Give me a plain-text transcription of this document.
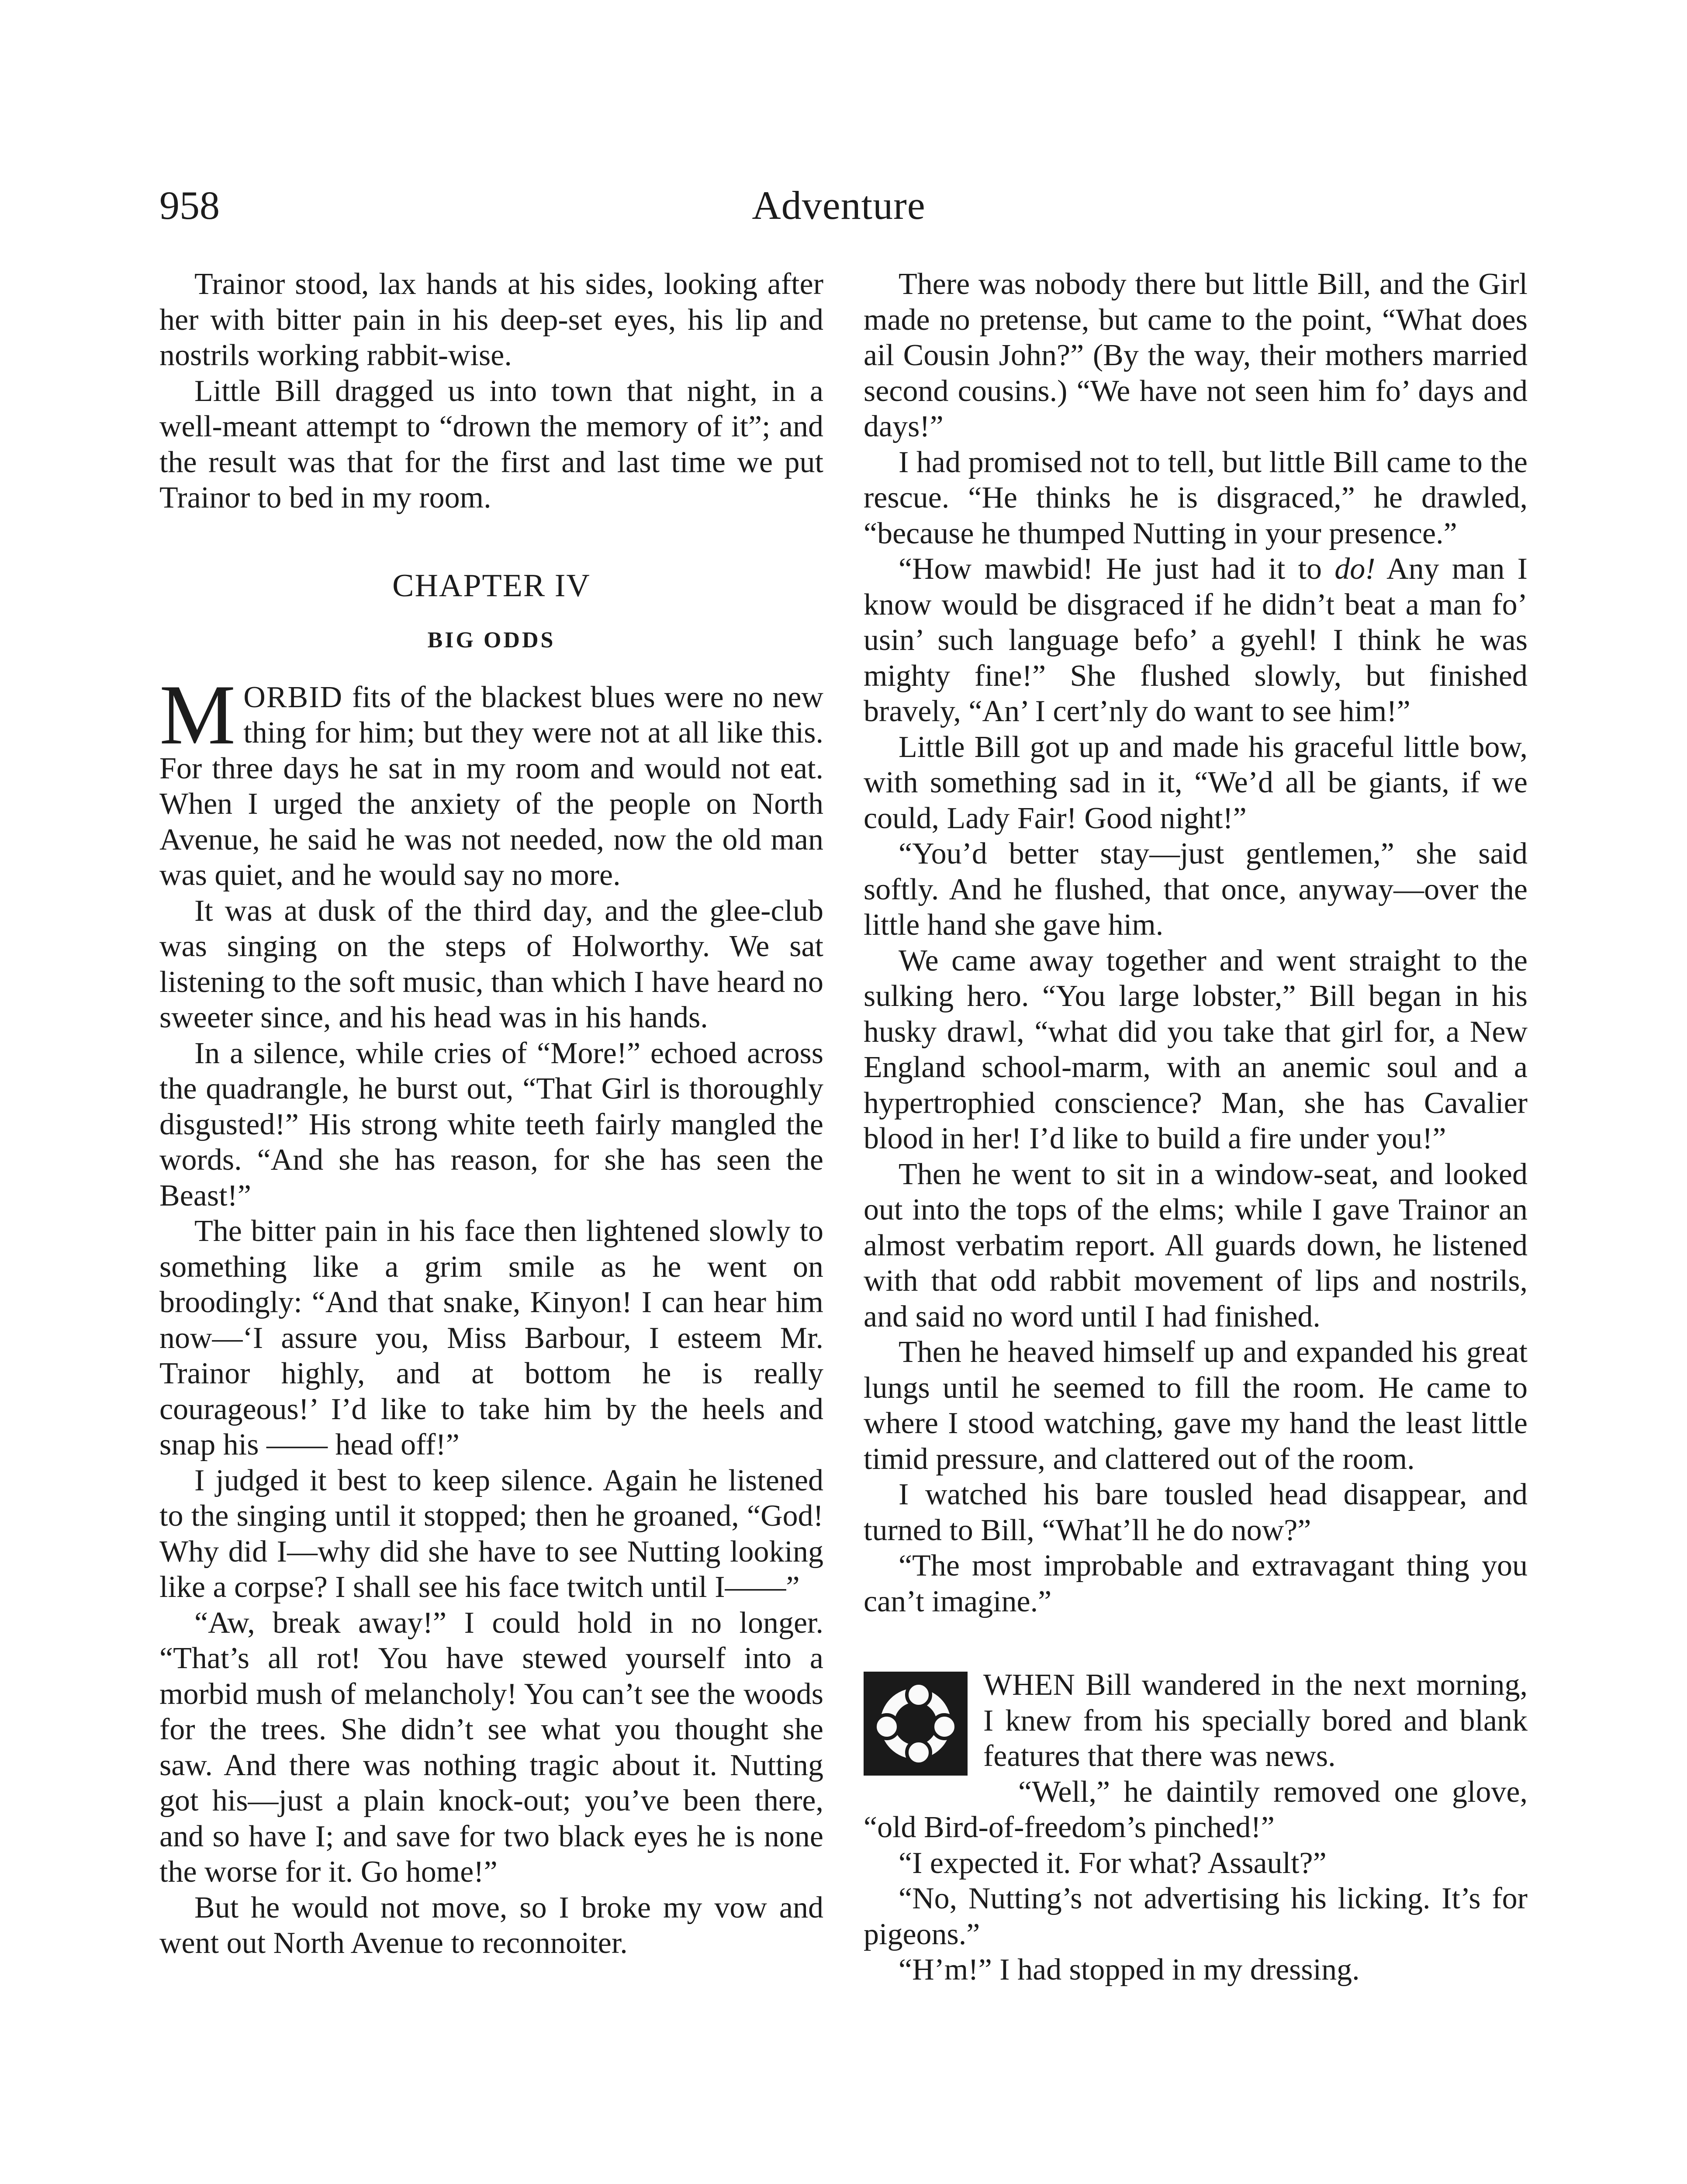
958	Adventure

Trainor stood, lax hands at his sides, looking after her with bitter pain in his deep-set eyes, his lip and nostrils working rabbit-wise.

Little Bill dragged us into town that night, in a well-meant attempt to “drown the memory of it”; and the result was that for the first and last time we put Trainor to bed in my room.

CHAPTER IV
BIG ODDS

MORBID fits of the blackest blues were no new thing for him; but they were not at all like this. For three days he sat in my room and would not eat. When I urged the anxiety of the people on North Avenue, he said he was not needed, now the old man was quiet, and he would say no more.

It was at dusk of the third day, and the glee-club was singing on the steps of Holworthy. We sat listening to the soft music, than which I have heard no sweeter since, and his head was in his hands.

In a silence, while cries of “More!” echoed across the quadrangle, he burst out, “That Girl is thoroughly disgusted!” His strong white teeth fairly mangled the words. “And she has reason, for she has seen the Beast!”

The bitter pain in his face then lightened slowly to something like a grim smile as he went on broodingly: “And that snake, Kinyon! I can hear him now—‘I assure you, Miss Barbour, I esteem Mr. Trainor highly, and at bottom he is really courageous!’ I’d like to take him by the heels and snap his —— head off!”

I judged it best to keep silence. Again he listened to the singing until it stopped; then he groaned, “God! Why did I—why did she have to see Nutting looking like a corpse? I shall see his face twitch until I——”

“Aw, break away!” I could hold in no longer. “That’s all rot! You have stewed yourself into a morbid mush of melancholy! You can’t see the woods for the trees. She didn’t see what you thought she saw. And there was nothing tragic about it. Nutting got his—just a plain knock-out; you’ve been there, and so have I; and save for two black eyes he is none the worse for it. Go home!”

But he would not move, so I broke my vow and went out North Avenue to reconnoiter.

There was nobody there but little Bill, and the Girl made no pretense, but came to the point, “What does ail Cousin John?” (By the way, their mothers married second cousins.) “We have not seen him fo’ days and days!”

I had promised not to tell, but little Bill came to the rescue. “He thinks he is disgraced,” he drawled, “because he thumped Nutting in your presence.”

“How mawbid! He just had it to do! Any man I know would be disgraced if he didn’t beat a man fo’ usin’ such language befo’ a gyehl! I think he was mighty fine!” She flushed slowly, but finished bravely, “An’ I cert’nly do want to see him!”

Little Bill got up and made his graceful little bow, with something sad in it, “We’d all be giants, if we could, Lady Fair! Good night!”

“You’d better stay—just gentlemen,” she said softly. And he flushed, that once, anyway—over the little hand she gave him.

We came away together and went straight to the sulking hero. “You large lobster,” Bill began in his husky drawl, “what did you take that girl for, a New England school-marm, with an anemic soul and a hypertrophied conscience? Man, she has Cavalier blood in her! I’d like to build a fire under you!”

Then he went to sit in a window-seat, and looked out into the tops of the elms; while I gave Trainor an almost verbatim report. All guards down, he listened with that odd rabbit movement of lips and nostrils, and said no word until I had finished.

Then he heaved himself up and expanded his great lungs until he seemed to fill the room. He came to where I stood watching, gave my hand the least little timid pressure, and clattered out of the room.

I watched his bare tousled head disappear, and turned to Bill, “What’ll he do now?”

“The most improbable and extravagant thing you can’t imagine.”

WHEN Bill wandered in the next morning, I knew from his specially bored and blank features that there was news.

“Well,” he daintily removed one glove, “old Bird-of-freedom’s pinched!”

“I expected it. For what? Assault?”

“No, Nutting’s not advertising his licking. It’s for pigeons.”

“H’m!” I had stopped in my dressing.
